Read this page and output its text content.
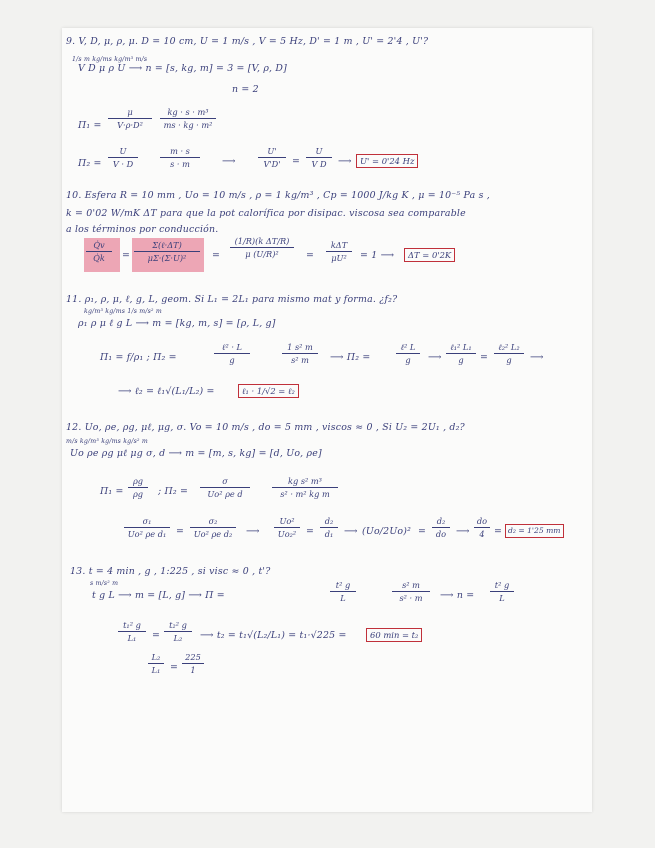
9. V, D, μ, ρ, μ. D = 10 cm, U = 1 m/s , V = 5 Hz, D' = 1 m , U' = 2'4 , U'?
1/s m kg/ms kg/m³ m/s
V D μ ρ U ⟶ n = [s, kg, m] = 3 = [V, ρ, D]
n = 2
Π₁ =
μ
V·ρ·D²
kg · s · m³
ms · kg · m²
Π₂ =
U
V · D
m · s
s · m	⟶
U'
V'D' =
U
V D ⟶ U' = 0'24 Hz
10. Esfera R = 10 mm , Uo = 10 m/s , ρ = 1 kg/m³ , Cp = 1000 J/kg K , μ = 10⁻⁵ Pa s ,
k = 0'02 W/mK ΔT para que la pot calorífica por disipac. viscosa sea comparable
a los términos por conducción.
Q̇v
Q̇k =
Σ(ℓ·ΔT)
μΣ·(Σ·U)²	=
(1/R)(k ΔT/R)
μ (U/R)²	=
kΔT
μU² = 1 ⟶	ΔT = 0'2K
11. ρ₁, ρ, μ, ℓ, g, L, geom. Si L₁ = 2L₁ para mismo mat y forma. ¿f₂?
kg/m³ kg/ms 1/s m/s² m
ρ₁ ρ μ ℓ g L ⟶ m = [kg, m, s] = [ρ, L, g]
Π₁ = f/ρ₁ ; Π₂ =
ℓ² · L
g
1 s² m
s² m ⟶ Π₂ =
ℓ² L
g ⟶
ℓ₁² L₁
g =
ℓ₂² L₂
g ⟶
⟶ ℓ₂ = ℓ₁√(L₁/L₂) =	ℓ₁ · 1/√2 = ℓ₂
12. Uo, ρe, ρg, μℓ, μg, σ. Vo = 10 m/s , do = 5 mm , viscos ≈ 0 , Si U₂ = 2U₁ , d₂?
m/s kg/m³ kg/ms kg/s² m
Uo ρe ρg μℓ μg σ, d ⟶ m = [m, s, kg] = [d, Uo, ρe]
Π₁ =
ρg
ρg ; Π₂ =
σ
Uo² ρe d
kg s² m³
s² · m² kg m
σ₁
Uo² ρe d₁ =
σ₂
Uo² ρe d₂ ⟶
Uo²
Uo₂² =
d₂
d₁ ⟶ (Uo/2Uo)² =
d₂
do ⟶
do
4 = d₂ = 1'25 mm
13. t = 4 min , g , 1:225 , si visc ≈ 0 , t'?
s m/s² m
t g L ⟶ m = [L, g] ⟶ Π =
t² g
L
s² m
s² · m ⟶ n =
t² g
L
t₁² g
L₁ =
t₂² g
L₂ ⟶ t₂ = t₁√(L₂/L₁) = t₁·√225 =	60 min = t₂
L₂
L₁ =
225
1
